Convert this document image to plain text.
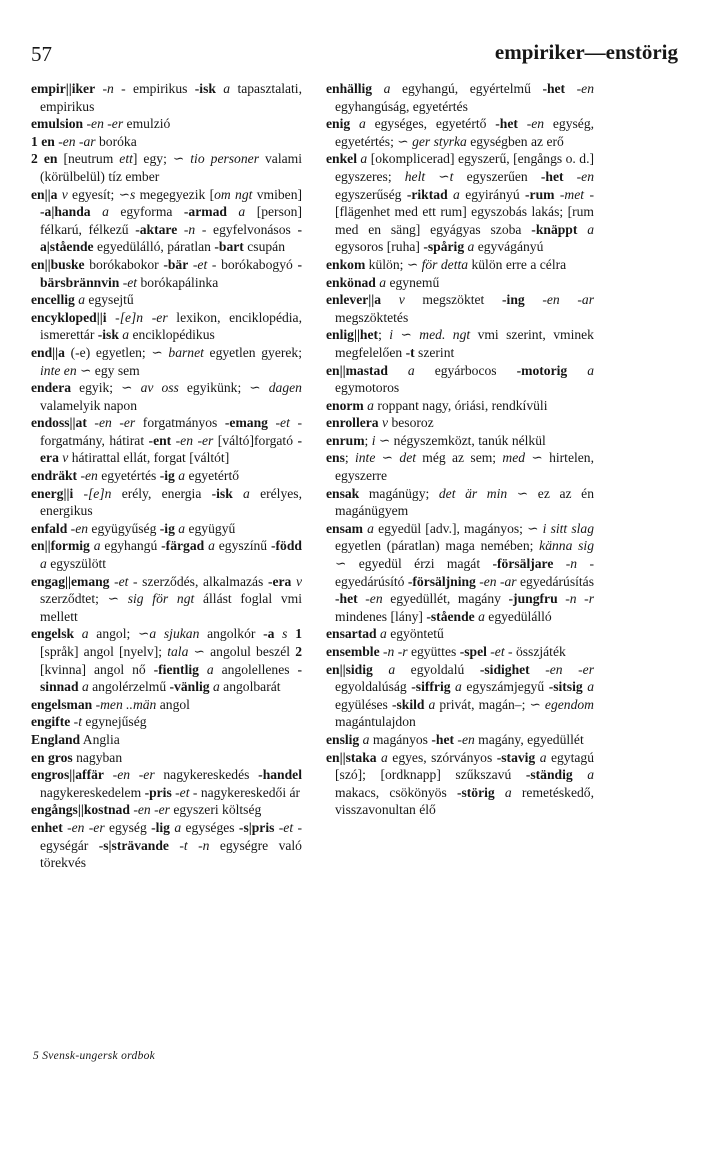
57	empiriker—enstörig

empir||iker -n - empirikus -isk a tapasztalati, empirikus

emulsion -en -er emulzió

1 en -en -ar boróka

2 en [neutrum ett] egy; ∽ tio personer valami (körülbelül) tíz ember

en||a v egyesít; ∽s megegyezik [om ngt vmiben] -a|handa a egyforma -armad a [person] félkarú, félkezű -aktare -n - egyfelvonásos -a|stående egyedülálló, páratlan -bart csupán

en||buske borókabokor -bär -et - borókabogyó -bärsbrännvin -et borókapálinka

encellig a egysejtű

encykloped||i -[e]n -er lexikon, enciklopédia, ismerettár -isk a enciklopédikus

end||a (-e) egyetlen; ∽ barnet egyetlen gyerek; inte en ∽ egy sem

endera egyik; ∽ av oss egyikünk; ∽ dagen valamelyik napon

endoss||at -en -er forgatmányos -emang -et - forgatmány, hátirat -ent -en -er [váltó]forgató -era v hátirattal ellát, forgat [váltót]

endräkt -en egyetértés -ig a egyetértő

energ||i -[e]n erély, energia -isk a erélyes, energikus

enfald -en együgyűség -ig a együgyű

en||formig a egyhangú -färgad a egyszínű -född a egyszülött

engag||emang -et - szerződés, alkalmazás -era v szerződtet; ∽ sig för ngt állást foglal vmi mellett

engelsk a angol; ∽a sjukan angolkór -a s 1 [språk] angol [nyelv]; tala ∽ angolul beszél 2 [kvinna] angol nő -fientlig a angolellenes -sinnad a angolérzelmű -vänlig a angolbarát

engelsman -men ..män angol

engifte -t egynejűség

England Anglia

en gros nagyban

engros||affär -en -er nagykereskedés -handel nagykereskedelem -pris -et - nagykereskedői ár

engångs||kostnad -en -er egyszeri költség

enhet -en -er egység -lig a egységes -s|pris -et - egységár -s|strävande -t -n egységre való törekvés

enhällig a egyhangú, egyértelmű -het -en egyhangúság, egyetértés

enig a egységes, egyetértő -het -en egység, egyetértés; ∽ ger styrka egységben az erő

enkel a [okomplicerad] egyszerű, [engångs o. d.] egyszeres; helt ∽t egyszerűen -het -en egyszerűség -riktad a egyirányú -rum -met - [flägenhet med ett rum] egyszobás lakás; [rum med en säng] egyágyas szoba -knäppt a egysoros [ruha] -spårig a egyvágányú

enkom külön; ∽ för detta külön erre a célra

enkönad a egynemű

enlever||a v megszöktet -ing -en -ar megszöktetés

enlig||het; i ∽ med. ngt vmi szerint, vminek megfelelően -t szerint

en||mastad a egyárbocos -motorig a egymotoros

enorm a roppant nagy, óriási, rendkívüli

enrollera v besoroz

enrum; i ∽ négyszemközt, tanúk nélkül

ens; inte ∽ det még az sem; med ∽ hirtelen, egyszerre

ensak magánügy; det är min ∽ ez az én magánügyem

ensam a egyedül [adv.], magányos; ∽ i sitt slag egyetlen (páratlan) maga nemében; känna sig ∽ egyedül érzi magát -försäljare -n - egyedárúsító -försäljning -en -ar egyedárúsítás -het -en egyedüllét, magány -jungfru -n -r mindenes [lány] -stående a egyedülálló

ensartad a egyöntetű

ensemble -n -r együttes -spel -et - összjáték

en||sidig a egyoldalú -sidighet -en -er egyoldalúság -siffrig a egyszámjegyű -sitsig a együléses -skild a privát, magán–; ∽ egendom magántulajdon

enslig a magányos -het -en magány, egyedüllét

en||staka a egyes, szórványos -stavig a egytagú [szó]; [ordknapp] szűkszavú -ständig a makacs, csökönyös -störig a remetéskedő, visszavonultan élő

5 Svensk-ungersk ordbok
